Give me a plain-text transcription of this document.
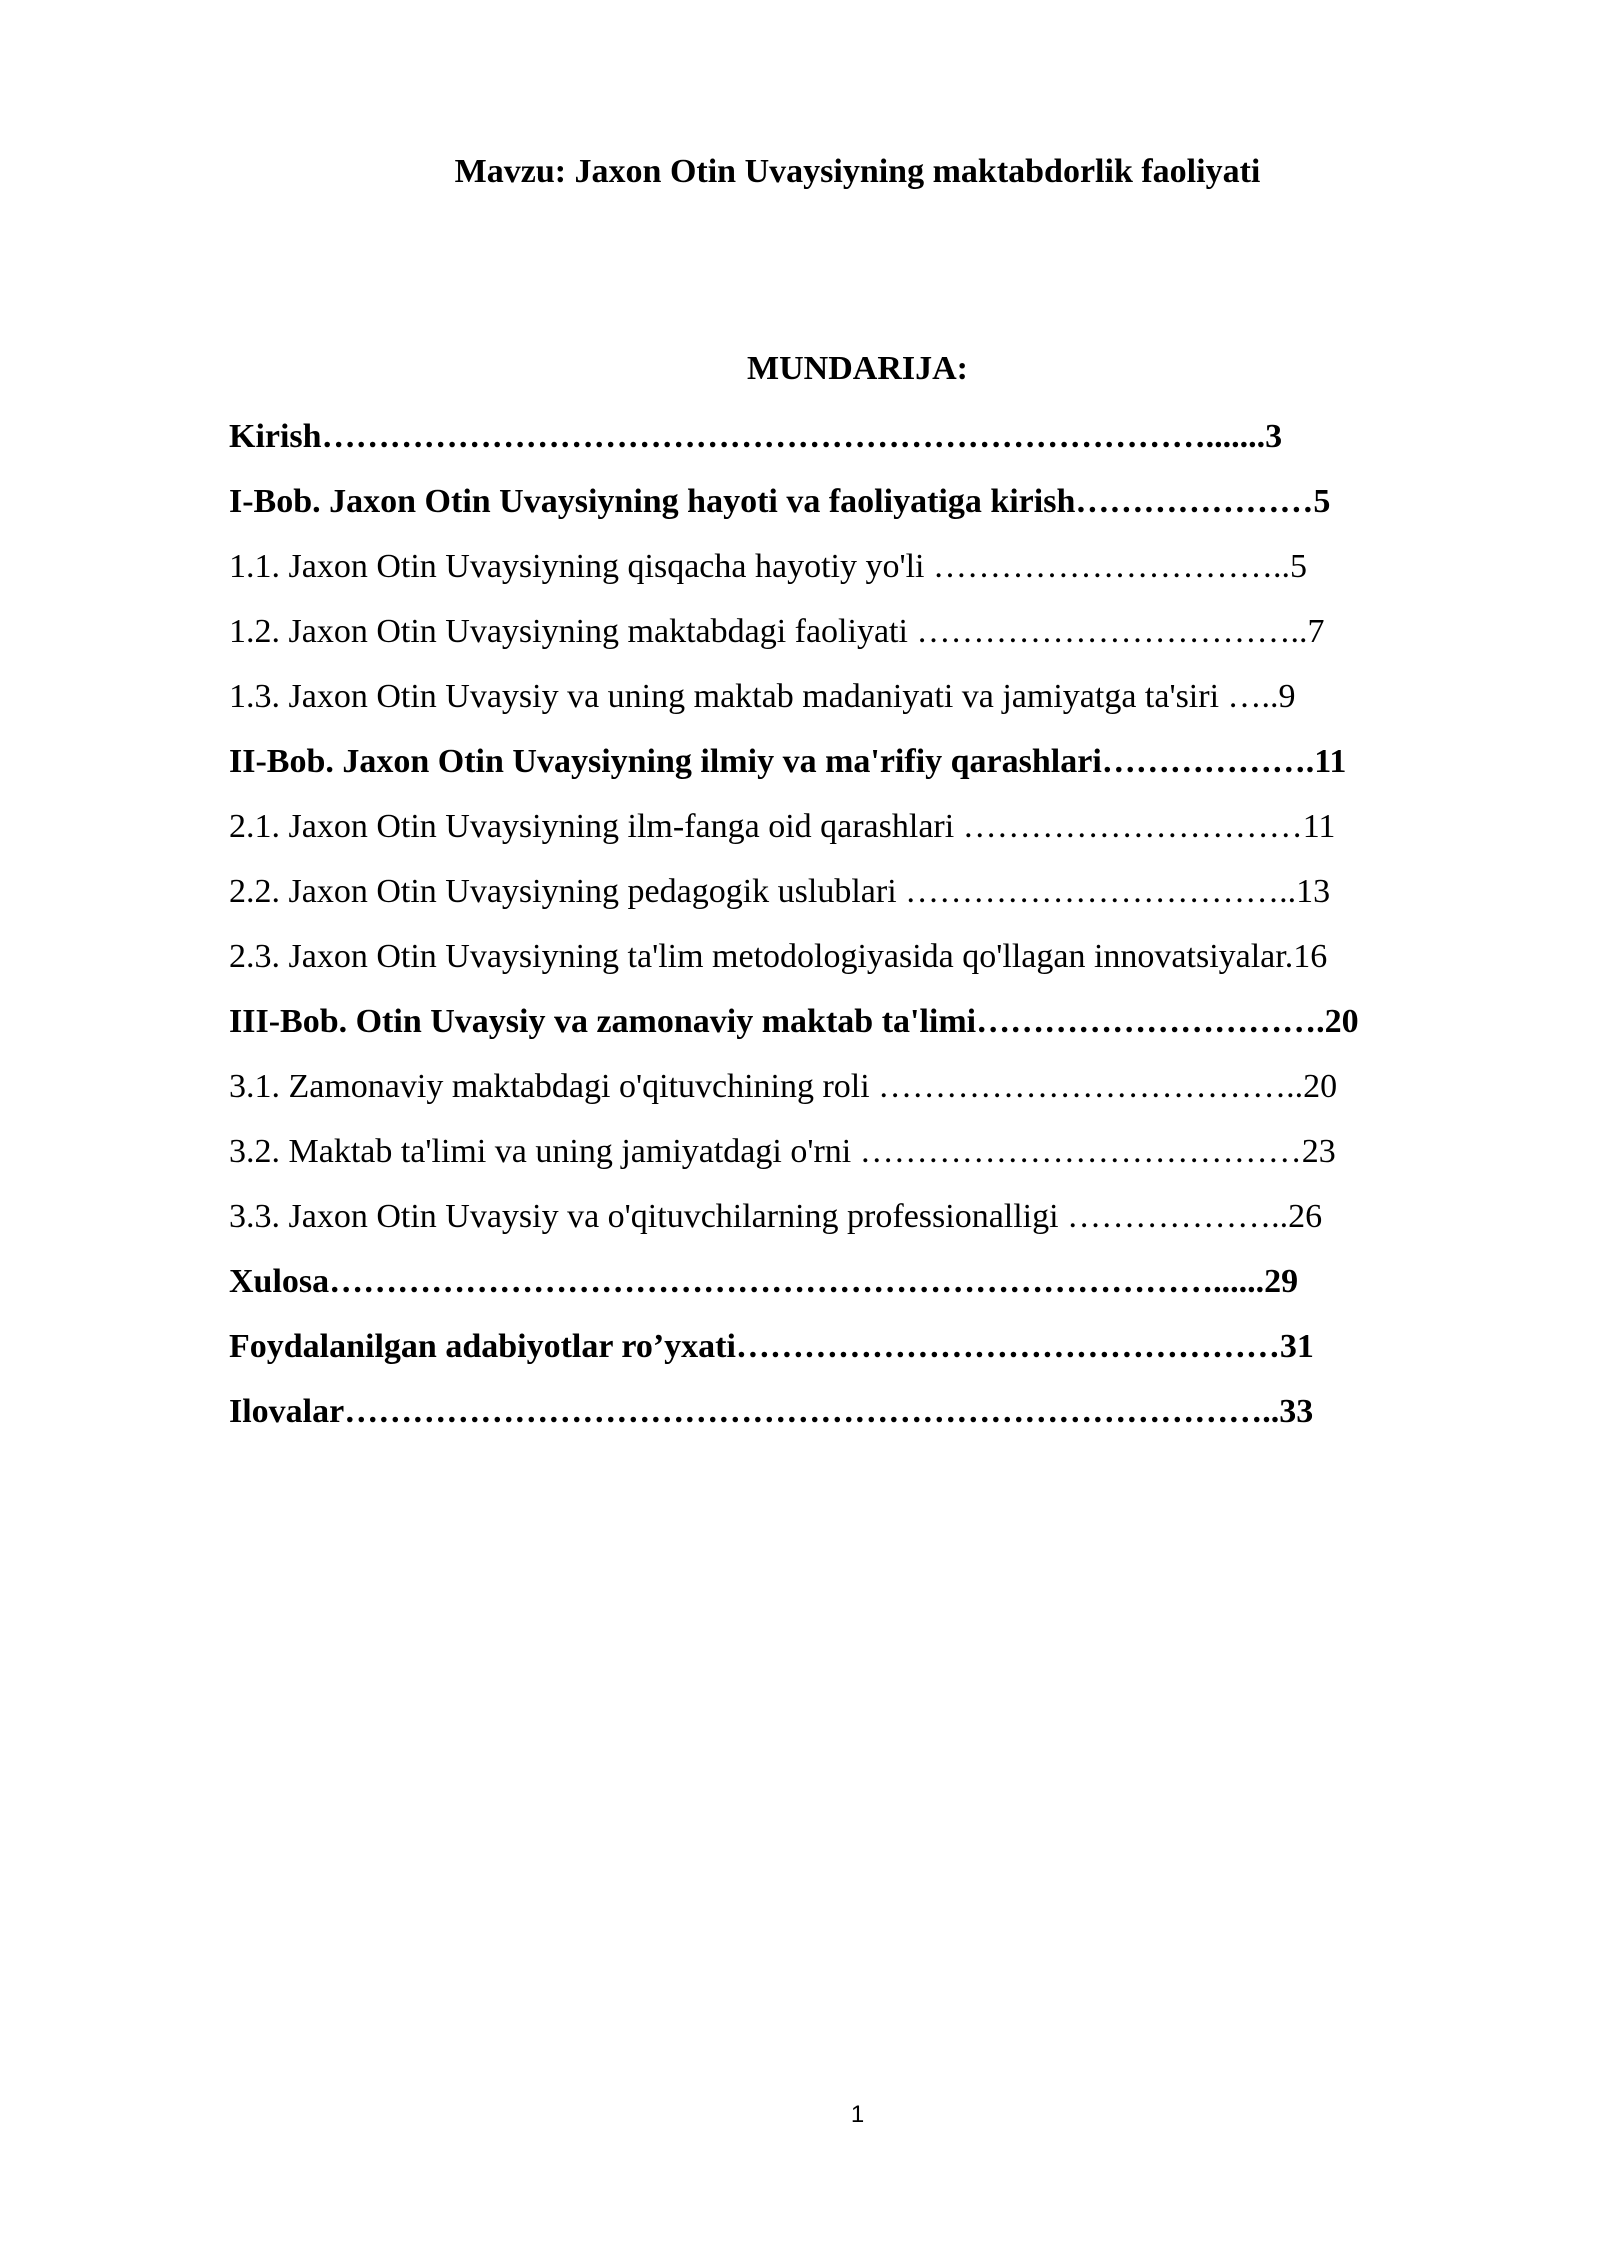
Mavzu: Jaxon Otin Uvaysiyning maktabdorlik faoliyati
MUNDARIJA:
Kirish…………………………………………………………………….......3
I-Bob. Jaxon Otin Uvaysiyning hayoti va faoliyatiga kirish…………………5
1.1. Jaxon Otin Uvaysiyning qisqacha hayotiy yo'li …………………………..5
1.2. Jaxon Otin Uvaysiyning maktabdagi faoliyati ……………………………..7
1.3. Jaxon Otin Uvaysiy va uning maktab madaniyati va jamiyatga ta'siri …..9
II-Bob. Jaxon Otin Uvaysiyning ilmiy va ma'rifiy qarashlari……………….11
2.1. Jaxon Otin Uvaysiyning ilm-fanga oid qarashlari …………………………11
2.2. Jaxon Otin Uvaysiyning pedagogik uslublari ……………………………..13
2.3. Jaxon Otin Uvaysiyning ta'lim metodologiyasida qo'llagan innovatsiyalar.16
III-Bob. Otin Uvaysiy va zamonaviy maktab ta'limi………………………….20
3.1. Zamonaviy maktabdagi o'qituvchining roli ………………………………..20
3.2. Maktab ta'limi va uning jamiyatdagi o'rni …………………………………23
3.3. Jaxon Otin Uvaysiy va o'qituvchilarning professionalligi ………………..26
Xulosa……………………………………………………………………......29
Foydalanilgan adabiyotlar ro’yxati…………………………………………31
Ilovalar………………………………………………………………………..33
1
